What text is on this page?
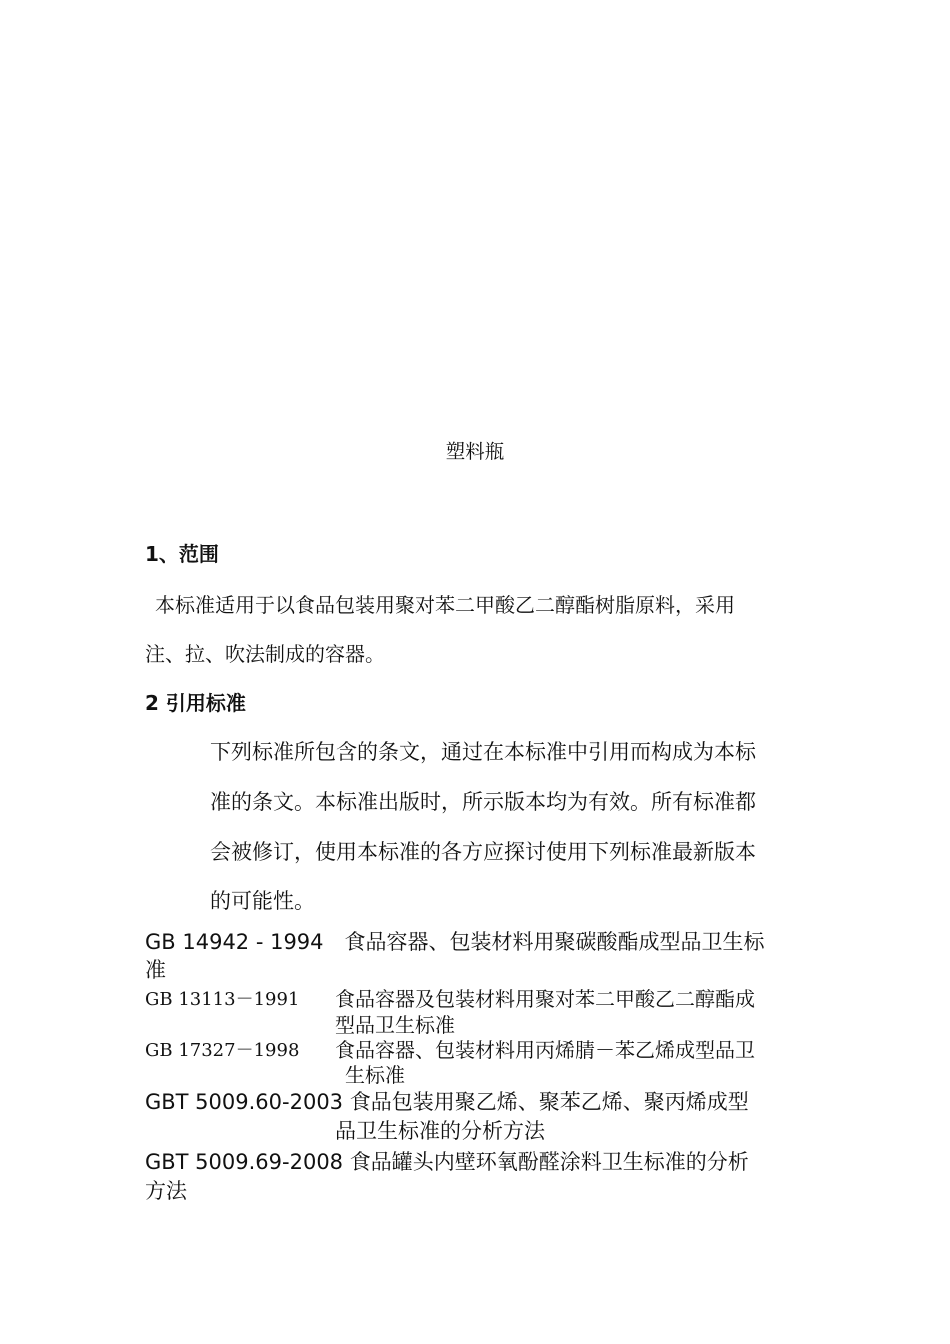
塑料瓶
1、范围
本标准适用于以食品包装用聚对苯二甲酸乙二醇酯树脂原料，采用
注、拉、吹法制成的容器。
2 引用标准
下列标准所包含的条文，通过在本标准中引用而构成为本标
准的条文。本标准出版时，所示版本均为有效。所有标准都
会被修订，使用本标准的各方应探讨使用下列标准最新版本
的可能性。
GB 14942 - 1994　食品容器、包装材料用聚碳酸酯成型品卫生标
准
GB 13113－1991 食品容器及包装材料用聚对苯二甲酸乙二醇酯成
型品卫生标准
GB 17327－1998 食品容器、包装材料用丙烯腈－苯乙烯成型品卫
生标准
GBT 5009.60-2003 食品包装用聚乙烯、聚苯乙烯、聚丙烯成型
品卫生标准的分析方法
GBT 5009.69-2008 食品罐头内壁环氧酚醛涂料卫生标准的分析
方法
